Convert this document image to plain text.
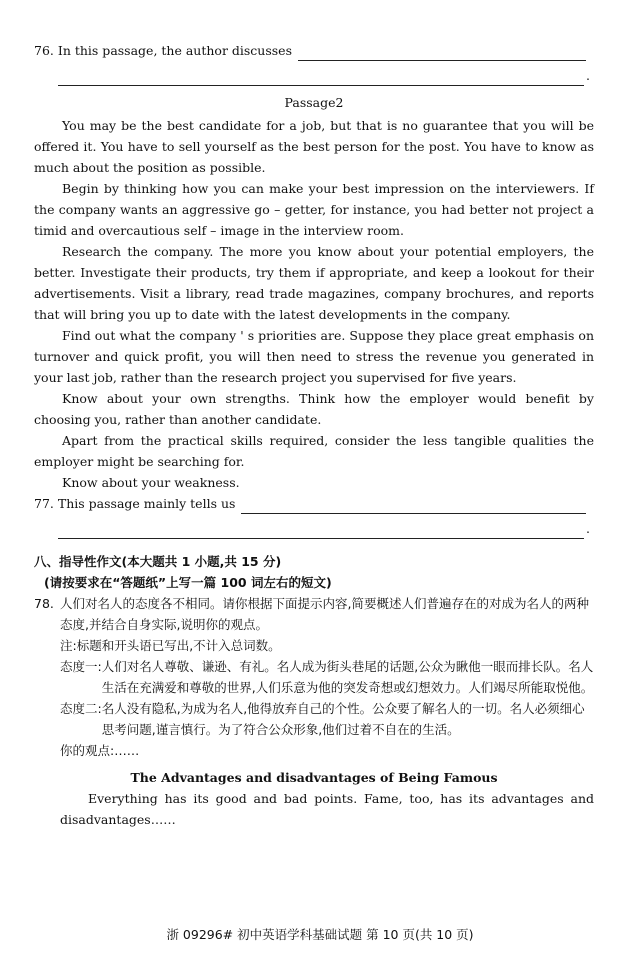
76. In this passage, the author discusses
.
Passage2

You may be the best candidate for a job, but that is no guarantee that you will be offered it. You have to sell yourself as the best person for the post. You have to know as much about the position as possible.

Begin by thinking how you can make your best impression on the interviewers. If the company wants an aggressive go – getter, for instance, you had better not project a timid and overcautious self – image in the interview room.

Research the company. The more you know about your potential employers, the better. Investigate their products, try them if appropriate, and keep a lookout for their advertisements. Visit a library, read trade magazines, company brochures, and reports that will bring you up to date with the latest developments in the company.

Find out what the company ' s priorities are. Suppose they place great emphasis on turnover and quick profit, you will then need to stress the revenue you generated in your last job, rather than the research project you supervised for five years.

Know about your own strengths. Think how the employer would benefit by choosing you, rather than another candidate.

Apart from the practical skills required, consider the less tangible qualities the employer might be searching for.

Know about your weakness.

77. This passage mainly tells us
.
八、指导性作文(本大题共 1 小题,共 15 分)
(请按要求在“答题纸”上写一篇 100 词左右的短文)
78. 人们对名人的态度各不相同。请你根据下面提示内容,简要概述人们普遍存在的对成为名人的两种态度,并结合自身实际,说明你的观点。
注:标题和开头语已写出,不计入总词数。
态度一: 人们对名人尊敬、谦逊、有礼。名人成为街头巷尾的话题,公众为瞅他一眼而排长队。名人生活在充满爱和尊敬的世界,人们乐意为他的突发奇想或幻想效力。人们竭尽所能取悦他。
态度二: 名人没有隐私,为成为名人,他得放弃自己的个性。公众要了解名人的一切。名人必须细心思考问题,谨言慎行。为了符合公众形象,他们过着不自在的生活。
你的观点:……
The Advantages and disadvantages of Being Famous

Everything has its good and bad points. Fame, too, has its advantages and disadvantages……

浙 09296# 初中英语学科基础试题 第 10 页(共 10 页)
